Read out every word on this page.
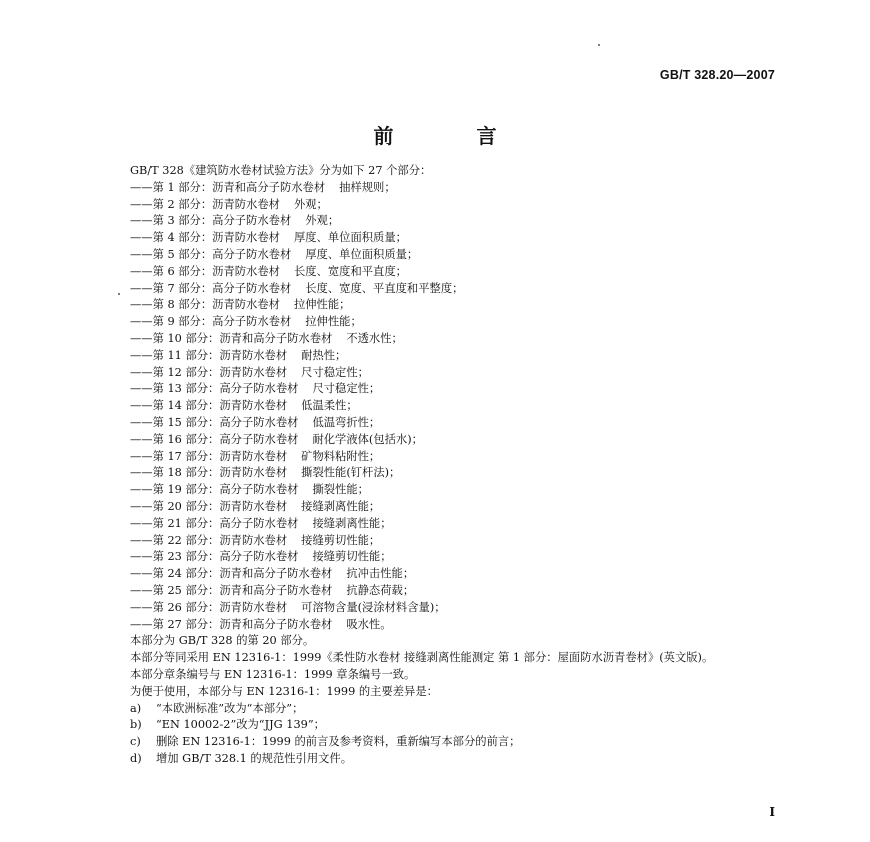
GB/T 328.20—2007
前 言
GB/T 328《建筑防水卷材试验方法》分为如下 27 个部分：
——第 1 部分：沥青和高分子防水卷材 抽样规则；
——第 2 部分：沥青防水卷材 外观；
——第 3 部分：高分子防水卷材 外观；
——第 4 部分：沥青防水卷材 厚度、单位面积质量；
——第 5 部分：高分子防水卷材 厚度、单位面积质量；
——第 6 部分：沥青防水卷材 长度、宽度和平直度；
——第 7 部分：高分子防水卷材 长度、宽度、平直度和平整度；
——第 8 部分：沥青防水卷材 拉伸性能；
——第 9 部分：高分子防水卷材 拉伸性能；
——第 10 部分：沥青和高分子防水卷材 不透水性；
——第 11 部分：沥青防水卷材 耐热性；
——第 12 部分：沥青防水卷材 尺寸稳定性；
——第 13 部分：高分子防水卷材 尺寸稳定性；
——第 14 部分：沥青防水卷材 低温柔性；
——第 15 部分：高分子防水卷材 低温弯折性；
——第 16 部分：高分子防水卷材 耐化学液体(包括水)；
——第 17 部分：沥青防水卷材 矿物料粘附性；
——第 18 部分：沥青防水卷材 撕裂性能(钉杆法)；
——第 19 部分：高分子防水卷材 撕裂性能；
——第 20 部分：沥青防水卷材 接缝剥离性能；
——第 21 部分：高分子防水卷材 接缝剥离性能；
——第 22 部分：沥青防水卷材 接缝剪切性能；
——第 23 部分：高分子防水卷材 接缝剪切性能；
——第 24 部分：沥青和高分子防水卷材 抗冲击性能；
——第 25 部分：沥青和高分子防水卷材 抗静态荷载；
——第 26 部分：沥青防水卷材 可溶物含量(浸涂材料含量)；
——第 27 部分：沥青和高分子防水卷材 吸水性。
本部分为 GB/T 328 的第 20 部分。
本部分等同采用 EN 12316-1：1999《柔性防水卷材 接缝剥离性能测定 第 1 部分：屋面防水沥青卷材》(英文版)。
本部分章条编号与 EN 12316-1：1999 章条编号一致。
为便于使用，本部分与 EN 12316-1：1999 的主要差异是：
a) “本欧洲标准”改为“本部分”；
b) “EN 10002-2”改为“JJG 139”；
c) 删除 EN 12316-1：1999 的前言及参考资料，重新编写本部分的前言；
d) 增加 GB/T 328.1 的规范性引用文件。
I
